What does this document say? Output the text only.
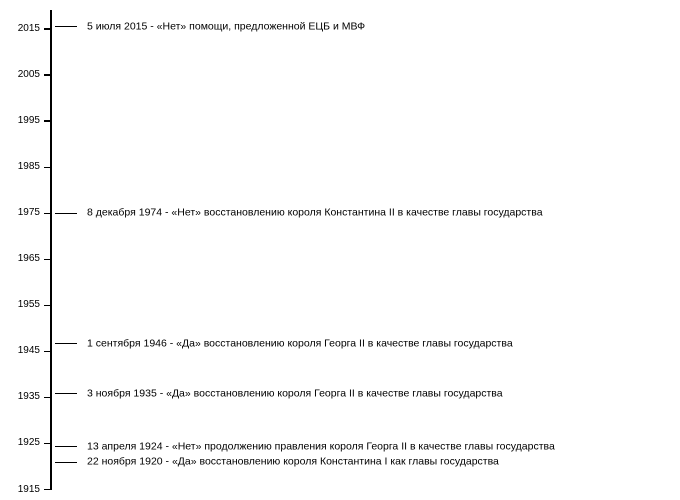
2015
2005
1995
1985
1975
1965
1955
1945
1935
1925
1915
5 июля 2015 - «Нет» помощи, предложенной ЕЦБ и МВФ
8 декабря 1974 - «Нет» восстановлению короля Константина II в качестве главы государства
1 сентября 1946 - «Да» восстановлению короля Георга II в качестве главы государства
3 ноября 1935 - «Да» восстановлению короля Георга II в качестве главы государства
13 апреля 1924 - «Нет» продолжению правления короля Георга II в качестве главы государства
22 ноября 1920 - «Да» восстановлению короля Константина I как главы государства
